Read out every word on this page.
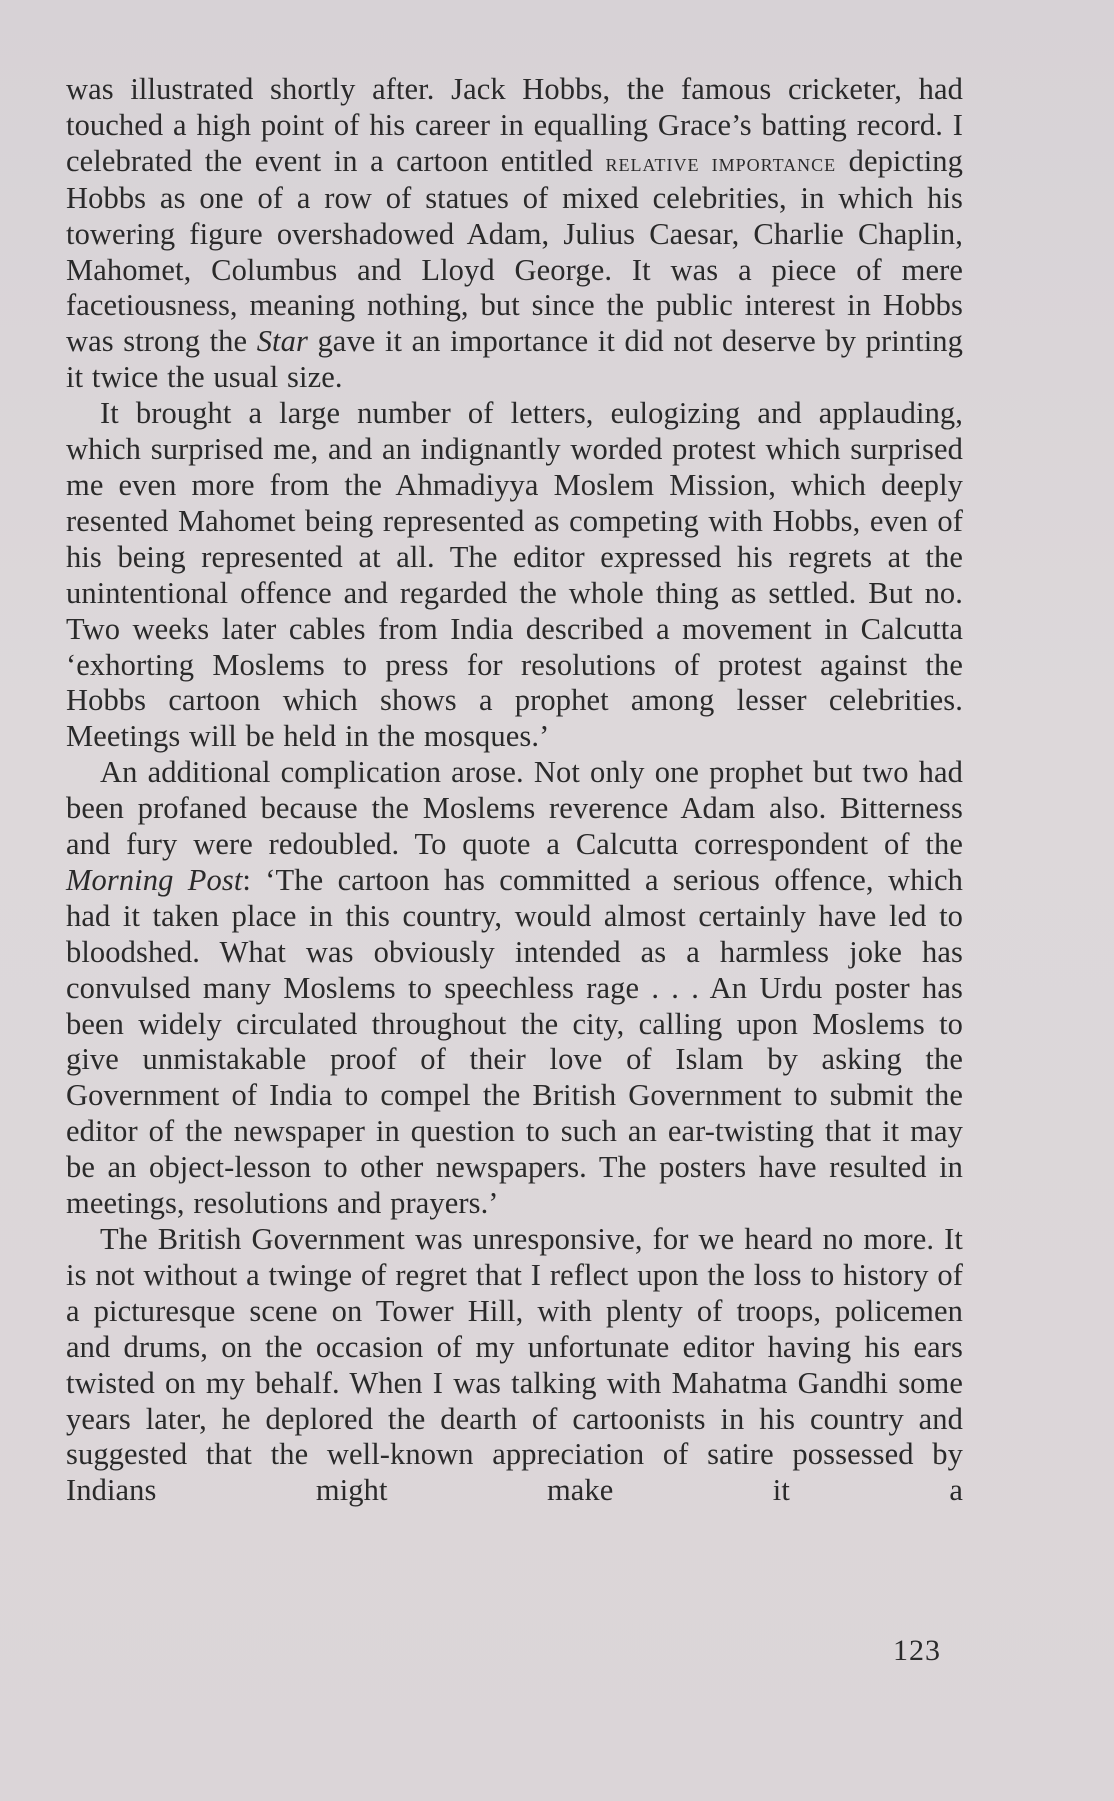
was illustrated shortly after. Jack Hobbs, the famous cricketer, had touched a high point of his career in equalling Grace’s batting record. I celebrated the event in a cartoon entitled relative importance depicting Hobbs as one of a row of statues of mixed celebrities, in which his towering figure overshadowed Adam, Julius Caesar, Charlie Chaplin, Mahomet, Columbus and Lloyd George. It was a piece of mere facetiousness, meaning nothing, but since the public interest in Hobbs was strong the Star gave it an importance it did not deserve by printing it twice the usual size.

It brought a large number of letters, eulogizing and applauding, which surprised me, and an indignantly worded protest which surprised me even more from the Ahmadiyya Moslem Mission, which deeply resented Mahomet being represented as competing with Hobbs, even of his being represented at all. The editor expressed his regrets at the unintentional offence and regarded the whole thing as settled. But no. Two weeks later cables from India described a movement in Calcutta ‘exhorting Moslems to press for resolutions of protest against the Hobbs cartoon which shows a prophet among lesser celebrities. Meetings will be held in the mosques.’

An additional complication arose. Not only one prophet but two had been profaned because the Moslems reverence Adam also. Bitterness and fury were redoubled. To quote a Calcutta correspondent of the Morning Post: ‘The cartoon has committed a serious offence, which had it taken place in this country, would almost certainly have led to bloodshed. What was obviously intended as a harmless joke has convulsed many Moslems to speechless rage . . . An Urdu poster has been widely circulated throughout the city, calling upon Moslems to give unmistakable proof of their love of Islam by asking the Government of India to compel the British Government to submit the editor of the newspaper in question to such an ear-twisting that it may be an object-lesson to other newspapers. The posters have resulted in meetings, resolutions and prayers.’

The British Government was unresponsive, for we heard no more. It is not without a twinge of regret that I reflect upon the loss to history of a picturesque scene on Tower Hill, with plenty of troops, policemen and drums, on the occasion of my unfortunate editor having his ears twisted on my behalf. When I was talking with Mahatma Gandhi some years later, he deplored the dearth of cartoonists in his country and suggested that the well-known appreciation of satire possessed by Indians might make it a

123
